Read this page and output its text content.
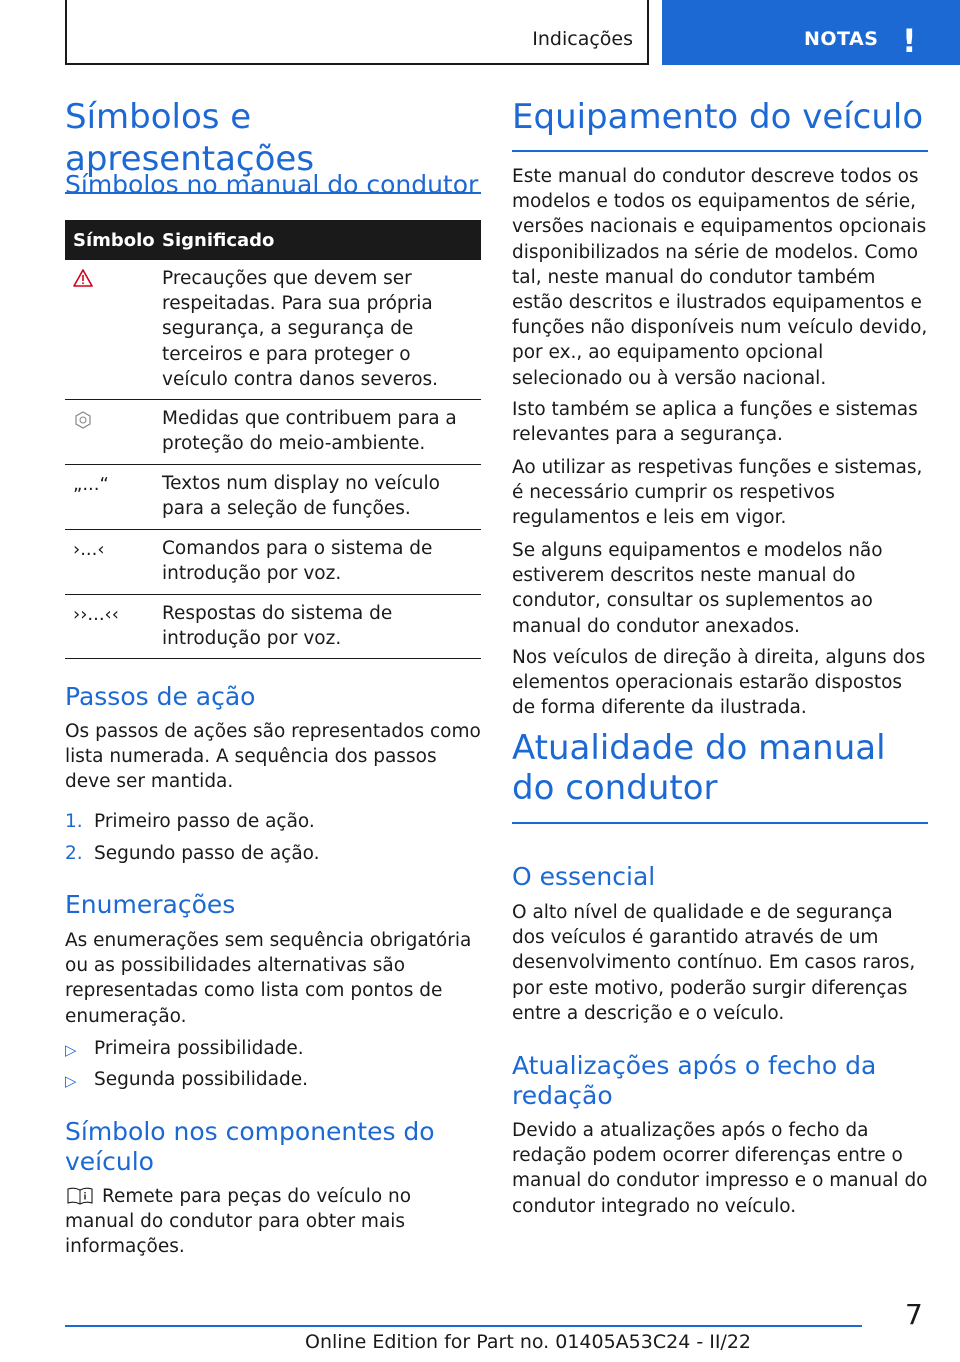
Indicações	NOTAS !
Símbolos e apresentações
Símbolos no manual do condutor
Símbolo Significado
Precauções que devem ser respeitadas. Para sua própria segurança, a segurança de terceiros e para proteger o veículo contra danos severos.
Medidas que contribuem para a proteção do meio-ambiente.
„...“	Textos num display no veículo para a seleção de funções.
›...‹	Comandos para o sistema de introdução por voz.
››...‹‹ Respostas do sistema de introdução por voz.
Passos de ação
Os passos de ações são representados como lista numerada. A sequência dos passos deve ser mantida.
1. Primeiro passo de ação.
2. Segundo passo de ação.
Enumerações
As enumerações sem sequência obrigatória ou as possibilidades alternativas são representadas como lista com pontos de enumeração.
▷ Primeira possibilidade.
▷ Segunda possibilidade.
Símbolo nos componentes do veículo
Remete para peças do veículo no manual do condutor para obter mais informações.
Equipamento do veículo
Este manual do condutor descreve todos os modelos e todos os equipamentos de série, versões nacionais e equipamentos opcionais disponibilizados na série de modelos. Como tal, neste manual do condutor também estão descritos e ilustrados equipamentos e funções não disponíveis num veículo devido, por ex., ao equipamento opcional selecionado ou à versão nacional.
Isto também se aplica a funções e sistemas relevantes para a segurança.
Ao utilizar as respetivas funções e sistemas, é necessário cumprir os respetivos regulamentos e leis em vigor.
Se alguns equipamentos e modelos não estiverem descritos neste manual do condutor, consultar os suplementos ao manual do condutor anexados.
Nos veículos de direção à direita, alguns dos elementos operacionais estarão dispostos de forma diferente da ilustrada.
Atualidade do manual do condutor
O essencial
O alto nível de qualidade e de segurança dos veículos é garantido através de um desenvolvimento contínuo. Em casos raros, por este motivo, poderão surgir diferenças entre a descrição e o veículo.
Atualizações após o fecho da redação
Devido a atualizações após o fecho da redação podem ocorrer diferenças entre o manual do condutor impresso e o manual do condutor integrado no veículo.
7
Online Edition for Part no. 01405A53C24 - II/22
